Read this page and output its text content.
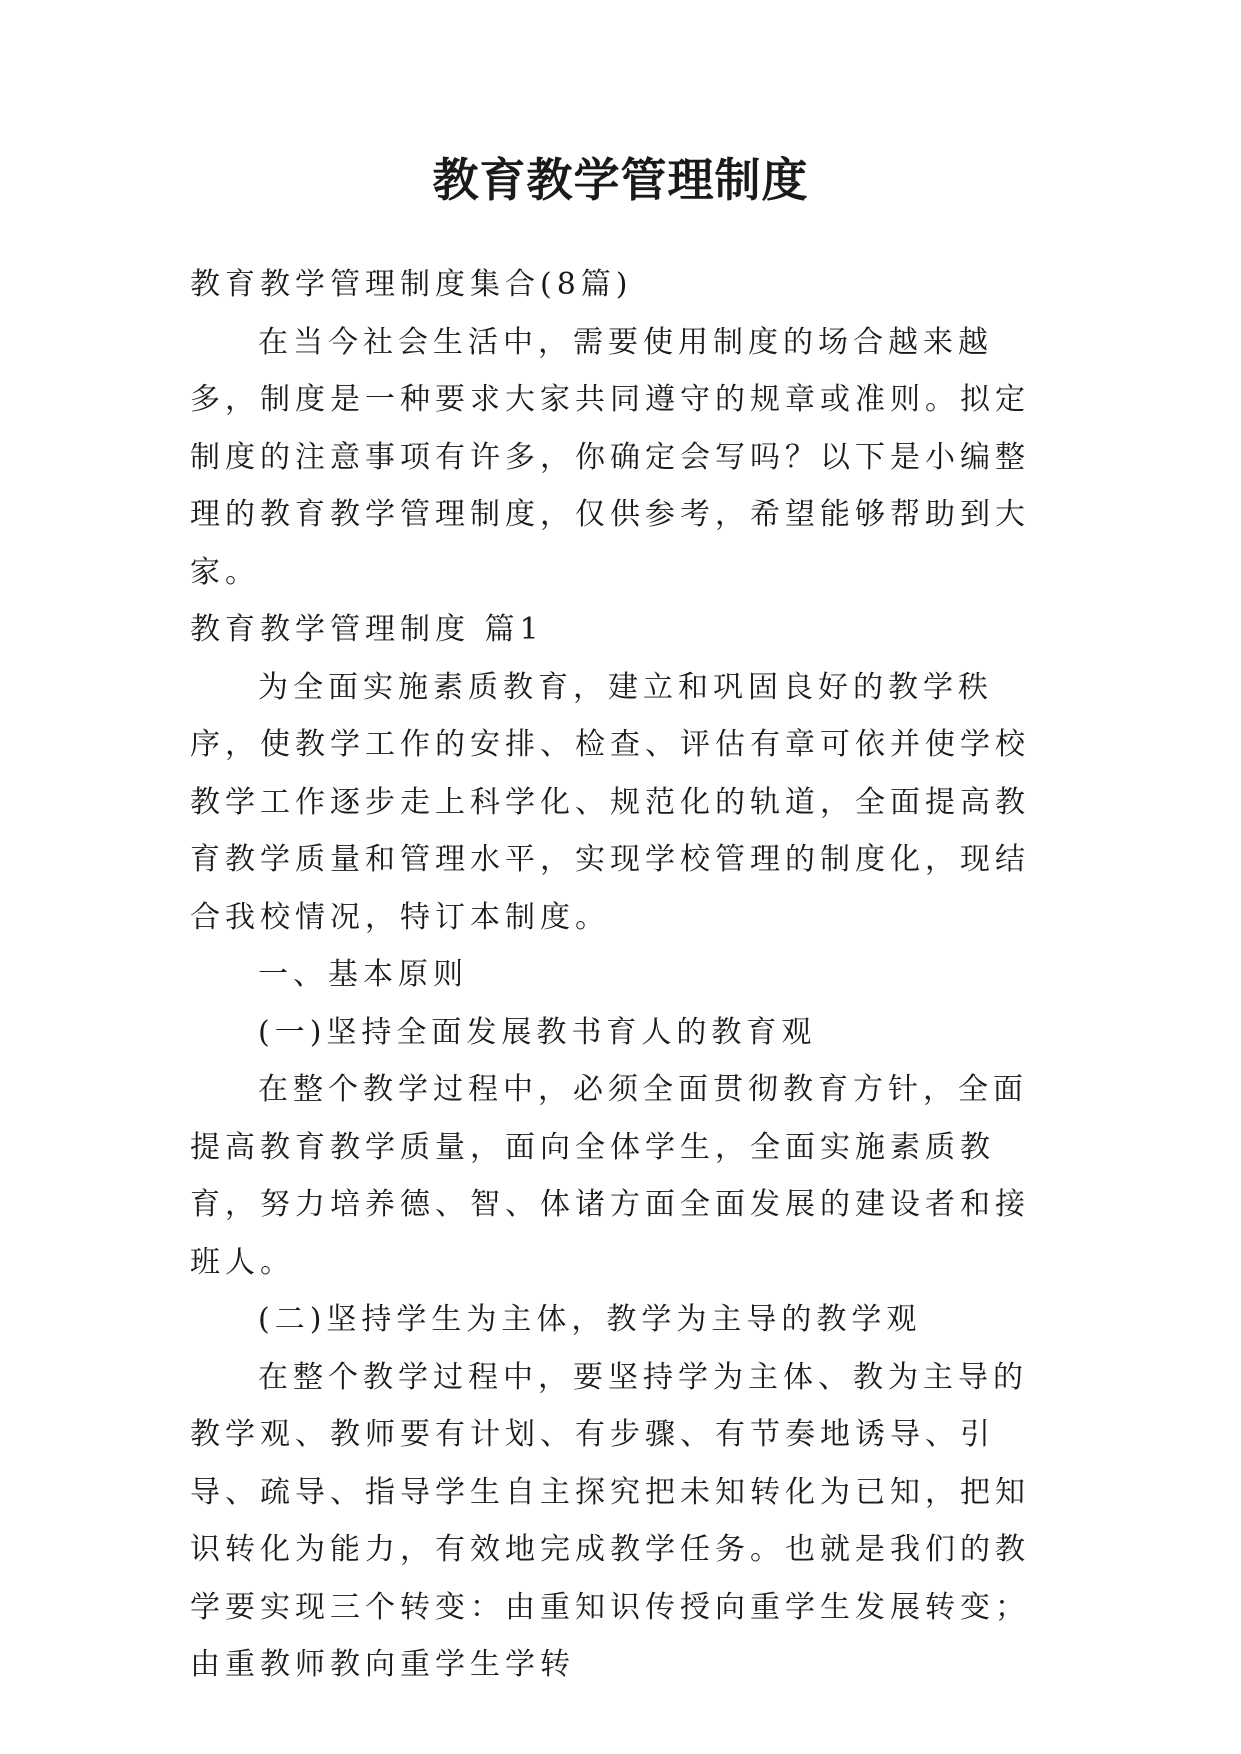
教育教学管理制度

教育教学管理制度集合(8篇)

在当今社会生活中，需要使用制度的场合越来越多，制度是一种要求大家共同遵守的规章或准则。拟定制度的注意事项有许多，你确定会写吗？以下是小编整理的教育教学管理制度，仅供参考，希望能够帮助到大家。

教育教学管理制度 篇1

为全面实施素质教育，建立和巩固良好的教学秩序，使教学工作的安排、检查、评估有章可依并使学校教学工作逐步走上科学化、规范化的轨道，全面提高教育教学质量和管理水平，实现学校管理的制度化，现结合我校情况，特订本制度。

一、基本原则

(一)坚持全面发展教书育人的教育观

在整个教学过程中，必须全面贯彻教育方针，全面提高教育教学质量，面向全体学生，全面实施素质教育，努力培养德、智、体诸方面全面发展的建设者和接班人。

(二)坚持学生为主体，教学为主导的教学观

在整个教学过程中，要坚持学为主体、教为主导的教学观、教师要有计划、有步骤、有节奏地诱导、引导、疏导、指导学生自主探究把未知转化为已知，把知识转化为能力，有效地完成教学任务。也就是我们的教学要实现三个转变：由重知识传授向重学生发展转变；由重教师教向重学生学转
